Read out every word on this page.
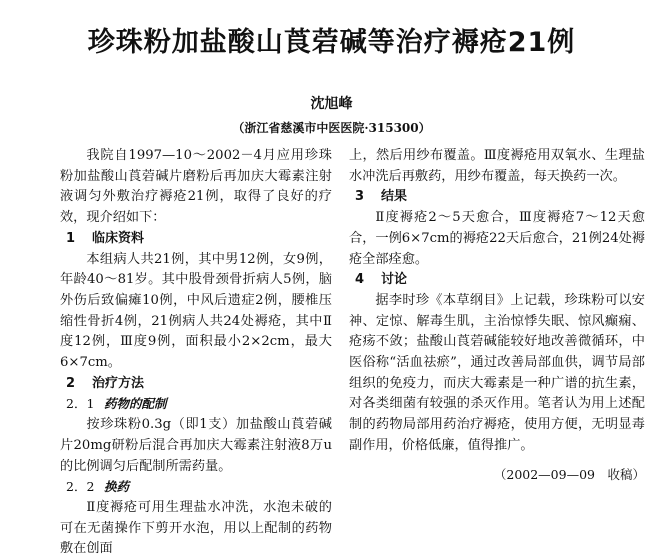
珍珠粉加盐酸山莨菪碱等治疗褥疮21例
沈旭峰
（浙江省慈溪市中医医院·315300）

我院自1997—10～2002－4月应用珍珠粉加盐酸山莨菪碱片磨粉后再加庆大霉素注射液调匀外敷治疗褥疮21例，取得了良好的疗效，现介绍如下：

1 临床资料

本组病人共21例，其中男12例，女9例，年龄40～81岁。其中股骨颈骨折病人5例，脑外伤后致偏瘫10例，中风后遗症2例，腰椎压缩性骨折4例，21例病人共24处褥疮，其中Ⅱ度12例，Ⅲ度9例，面积最小2×2cm，最大6×7cm。

2 治疗方法
2．1 药物的配制

按珍珠粉0.3g（即1支）加盐酸山莨菪碱片20mg研粉后混合再加庆大霉素注射液8万u的比例调匀后配制所需药量。

2．2 换药

Ⅱ度褥疮可用生理盐水冲洗，水泡未破的可在无菌操作下剪开水泡，用以上配制的药物敷在创面

上，然后用纱布覆盖。Ⅲ度褥疮用双氧水、生理盐水冲洗后再敷药，用纱布覆盖，每天换药一次。

3 结果

Ⅱ度褥疮2～5天愈合，Ⅲ度褥疮7～12天愈合，一例6×7cm的褥疮22天后愈合，21例24处褥疮全部痊愈。

4 讨论

据李时珍《本草纲目》上记载，珍珠粉可以安神、定惊、解毒生肌，主治惊悸失眠、惊风癫痫、疮疡不敛；盐酸山莨菪碱能较好地改善微循环，中医俗称“活血祛瘀”，通过改善局部血供，调节局部组织的免疫力，而庆大霉素是一种广谱的抗生素，对各类细菌有较强的杀灭作用。笔者认为用上述配制的药物局部用药治疗褥疮，使用方便，无明显毒副作用，价格低廉，值得推广。

（2002—09—09　收稿）
